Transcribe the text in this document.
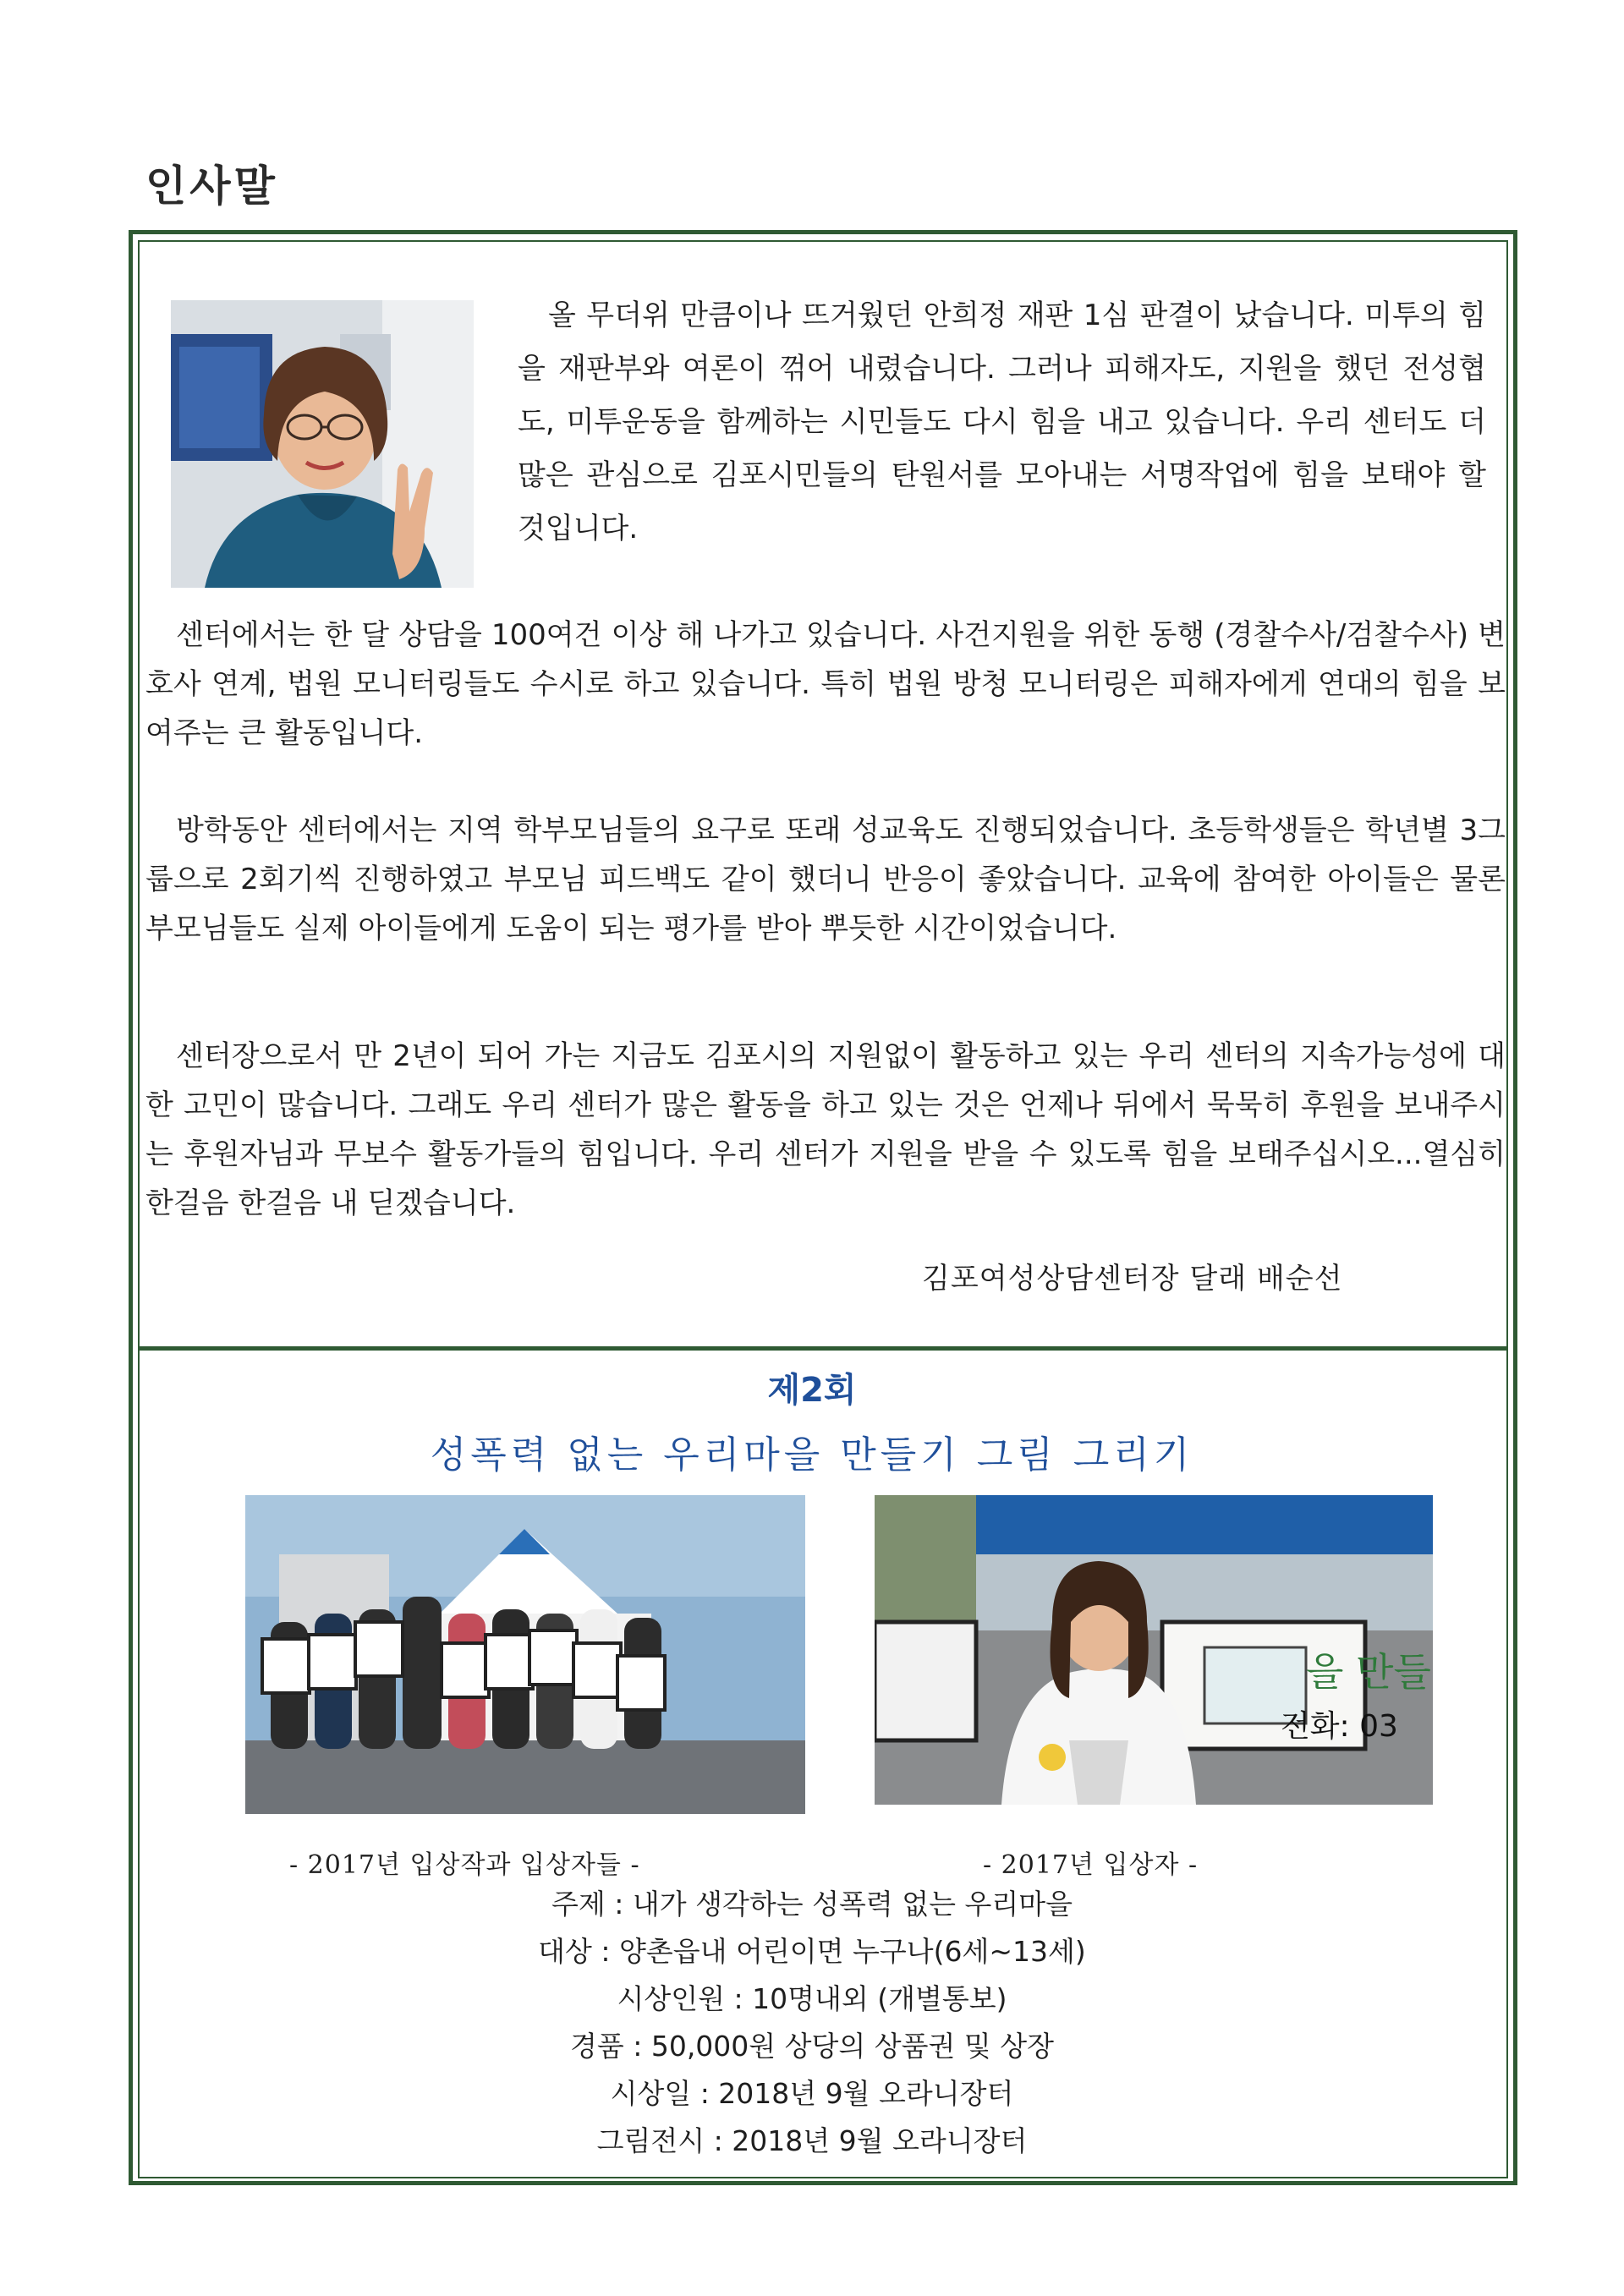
인사말
올 무더위 만큼이나 뜨거웠던 안희정 재판 1심 판결이 났습니다. 미투의 힘을 재판부와 여론이 꺾어 내렸습니다. 그러나 피해자도, 지원을 했던 전성협도, 미투운동을 함께하는 시민들도 다시 힘을 내고 있습니다. 우리 센터도 더 많은 관심으로 김포시민들의 탄원서를 모아내는 서명작업에 힘을 보태야 할 것입니다.
센터에서는 한 달 상담을 100여건 이상 해 나가고 있습니다. 사건지원을 위한 동행 (경찰수사/검찰수사) 변호사 연계, 법원 모니터링들도 수시로 하고 있습니다. 특히 법원 방청 모니터링은 피해자에게 연대의 힘을 보여주는 큰 활동입니다.
방학동안 센터에서는 지역 학부모님들의 요구로 또래 성교육도 진행되었습니다. 초등학생들은 학년별 3그룹으로 2회기씩 진행하였고 부모님 피드백도 같이 했더니 반응이 좋았습니다. 교육에 참여한 아이들은 물론 부모님들도 실제 아이들에게 도움이 되는 평가를 받아 뿌듯한 시간이었습니다.
센터장으로서 만 2년이 되어 가는 지금도 김포시의 지원없이 활동하고 있는 우리 센터의 지속가능성에 대한 고민이 많습니다. 그래도 우리 센터가 많은 활동을 하고 있는 것은 언제나 뒤에서 묵묵히 후원을 보내주시는 후원자님과 무보수 활동가들의 힘입니다. 우리 센터가 지원을 받을 수 있도록 힘을 보태주십시오...열심히 한걸음 한걸음 내 딛겠습니다.
김포여성상담센터장 달래 배순선
제2회
성폭력 없는 우리마을 만들기 그림 그리기
을 만들
전화: 03
- 2017년 입상작과 입상자들 -	- 2017년 입상자 -
주제 : 내가 생각하는 성폭력 없는 우리마을
대상 : 양촌읍내 어린이면 누구나(6세~13세)
시상인원 : 10명내외 (개별통보)
경품 : 50,000원 상당의 상품권 및 상장
시상일 : 2018년 9월 오라니장터
그림전시 : 2018년 9월 오라니장터
